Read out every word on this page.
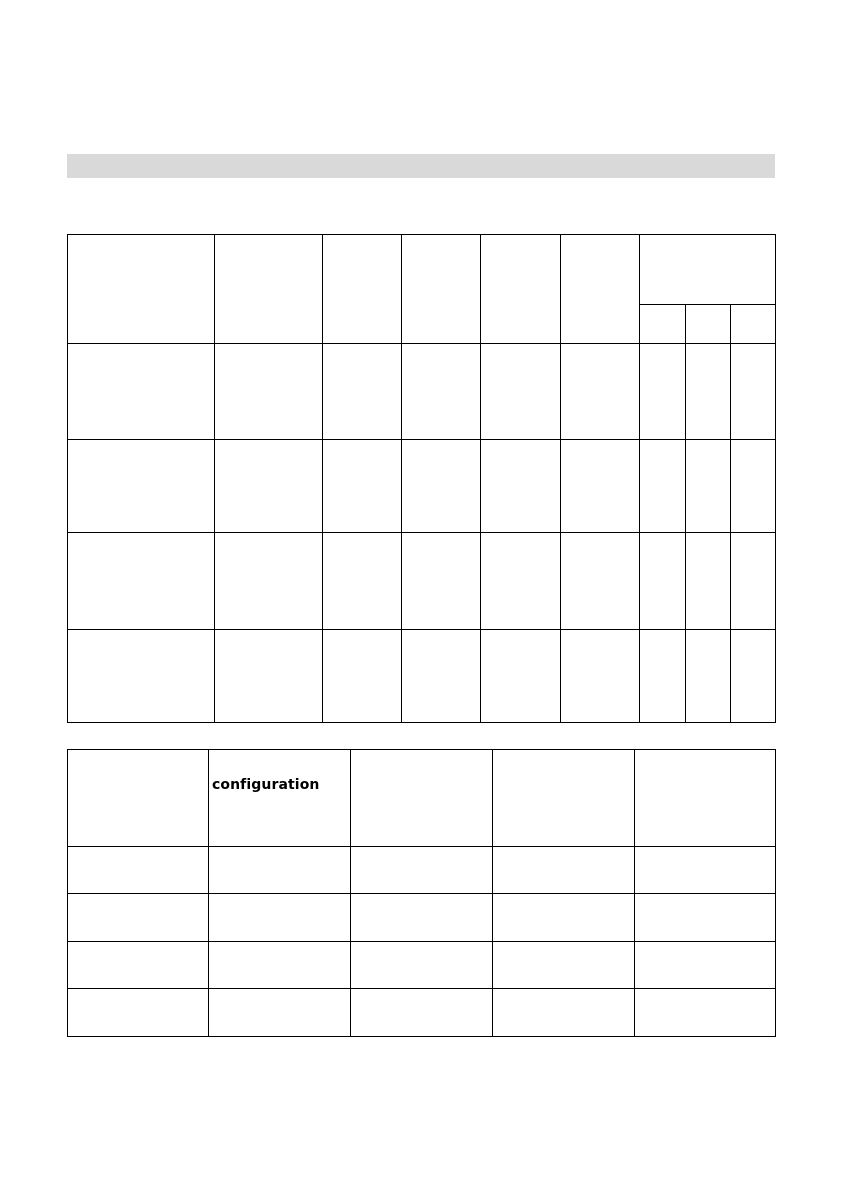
	configuration			
